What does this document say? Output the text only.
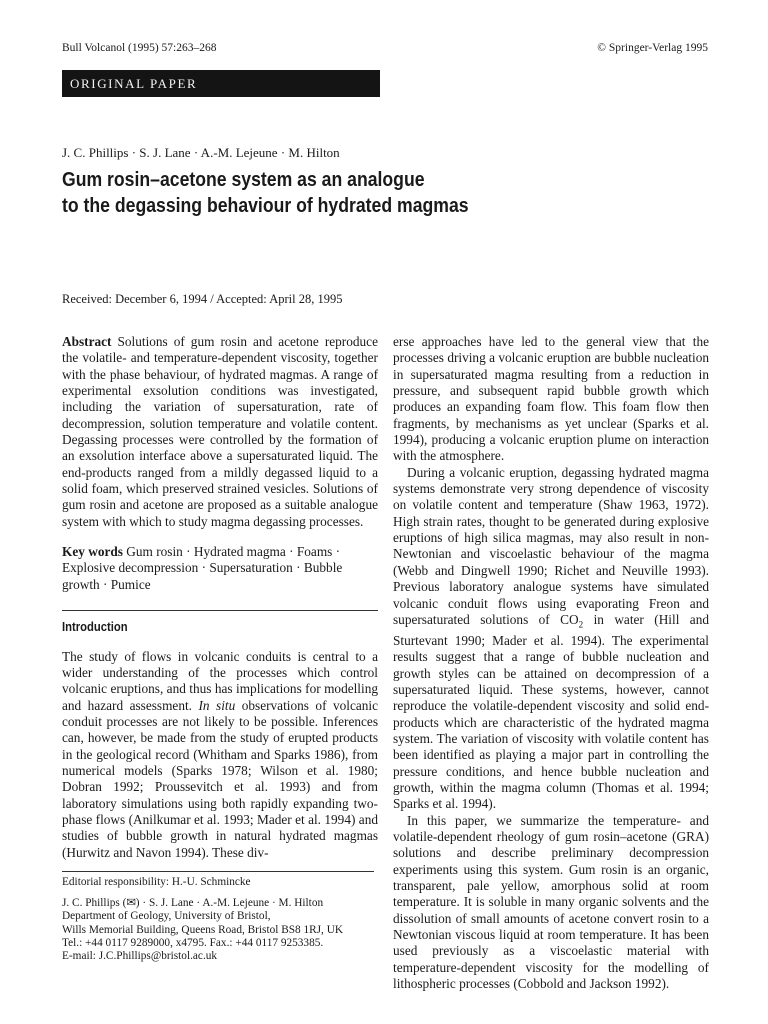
Bull Volcanol (1995) 57:263–268	© Springer-Verlag 1995
ORIGINAL PAPER
J. C. Phillips · S. J. Lane · A.-M. Lejeune · M. Hilton
Gum rosin–acetone system as an analogue
to the degassing behaviour of hydrated magmas
Received: December 6, 1994 / Accepted: April 28, 1995

Abstract Solutions of gum rosin and acetone reproduce the volatile- and temperature-dependent viscosity, together with the phase behaviour, of hydrated magmas. A range of experimental exsolution conditions was investigated, including the variation of supersaturation, rate of decompression, solution temperature and volatile content. Degassing processes were controlled by the formation of an exsolution interface above a supersaturated liquid. The end-products ranged from a mildly degassed liquid to a solid foam, which preserved strained vesicles. Solutions of gum rosin and acetone are proposed as a suitable analogue system with which to study magma degassing processes.

Key words Gum rosin · Hydrated magma · Foams · Explosive decompression · Supersaturation · Bubble growth · Pumice

Introduction

The study of flows in volcanic conduits is central to a wider understanding of the processes which control volcanic eruptions, and thus has implications for modelling and hazard assessment. In situ observations of volcanic conduit processes are not likely to be possible. Inferences can, however, be made from the study of erupted products in the geological record (Whitham and Sparks 1986), from numerical models (Sparks 1978; Wilson et al. 1980; Dobran 1992; Proussevitch et al. 1993) and from laboratory simulations using both rapidly expanding two-phase flows (Anilkumar et al. 1993; Mader et al. 1994) and studies of bubble growth in natural hydrated magmas (Hurwitz and Navon 1994). These div-

Editorial responsibility: H.-U. Schmincke

J. C. Phillips (✉) · S. J. Lane · A.-M. Lejeune · M. Hilton

Department of Geology, University of Bristol,

Wills Memorial Building, Queens Road, Bristol BS8 1RJ, UK

Tel.: +44 0117 9289000, x4795. Fax.: +44 0117 9253385.

E-mail: J.C.Phillips@bristol.ac.uk

erse approaches have led to the general view that the processes driving a volcanic eruption are bubble nucleation in supersaturated magma resulting from a reduction in pressure, and subsequent rapid bubble growth which produces an expanding foam flow. This foam flow then fragments, by mechanisms as yet unclear (Sparks et al. 1994), producing a volcanic eruption plume on interaction with the atmosphere.

During a volcanic eruption, degassing hydrated magma systems demonstrate very strong dependence of viscosity on volatile content and temperature (Shaw 1963, 1972). High strain rates, thought to be generated during explosive eruptions of high silica magmas, may also result in non-Newtonian and viscoelastic behaviour of the magma (Webb and Dingwell 1990; Richet and Neuville 1993). Previous laboratory analogue systems have simulated volcanic conduit flows using evaporating Freon and supersaturated solutions of $CO_2$ in water (Hill and Sturtevant 1990; Mader et al. 1994). The experimental results suggest that a range of bubble nucleation and growth styles can be attained on decompression of a supersaturated liquid. These systems, however, cannot reproduce the volatile-dependent viscosity and solid end-products which are characteristic of the hydrated magma system. The variation of viscosity with volatile content has been identified as playing a major part in controlling the pressure conditions, and hence bubble nucleation and growth, within the magma column (Thomas et al. 1994; Sparks et al. 1994).

In this paper, we summarize the temperature- and volatile-dependent rheology of gum rosin–acetone (GRA) solutions and describe preliminary decompression experiments using this system. Gum rosin is an organic, transparent, pale yellow, amorphous solid at room temperature. It is soluble in many organic solvents and the dissolution of small amounts of acetone convert rosin to a Newtonian viscous liquid at room temperature. It has been used previously as a viscoelastic material with temperature-dependent viscosity for the modelling of lithospheric processes (Cobbold and Jackson 1992).
